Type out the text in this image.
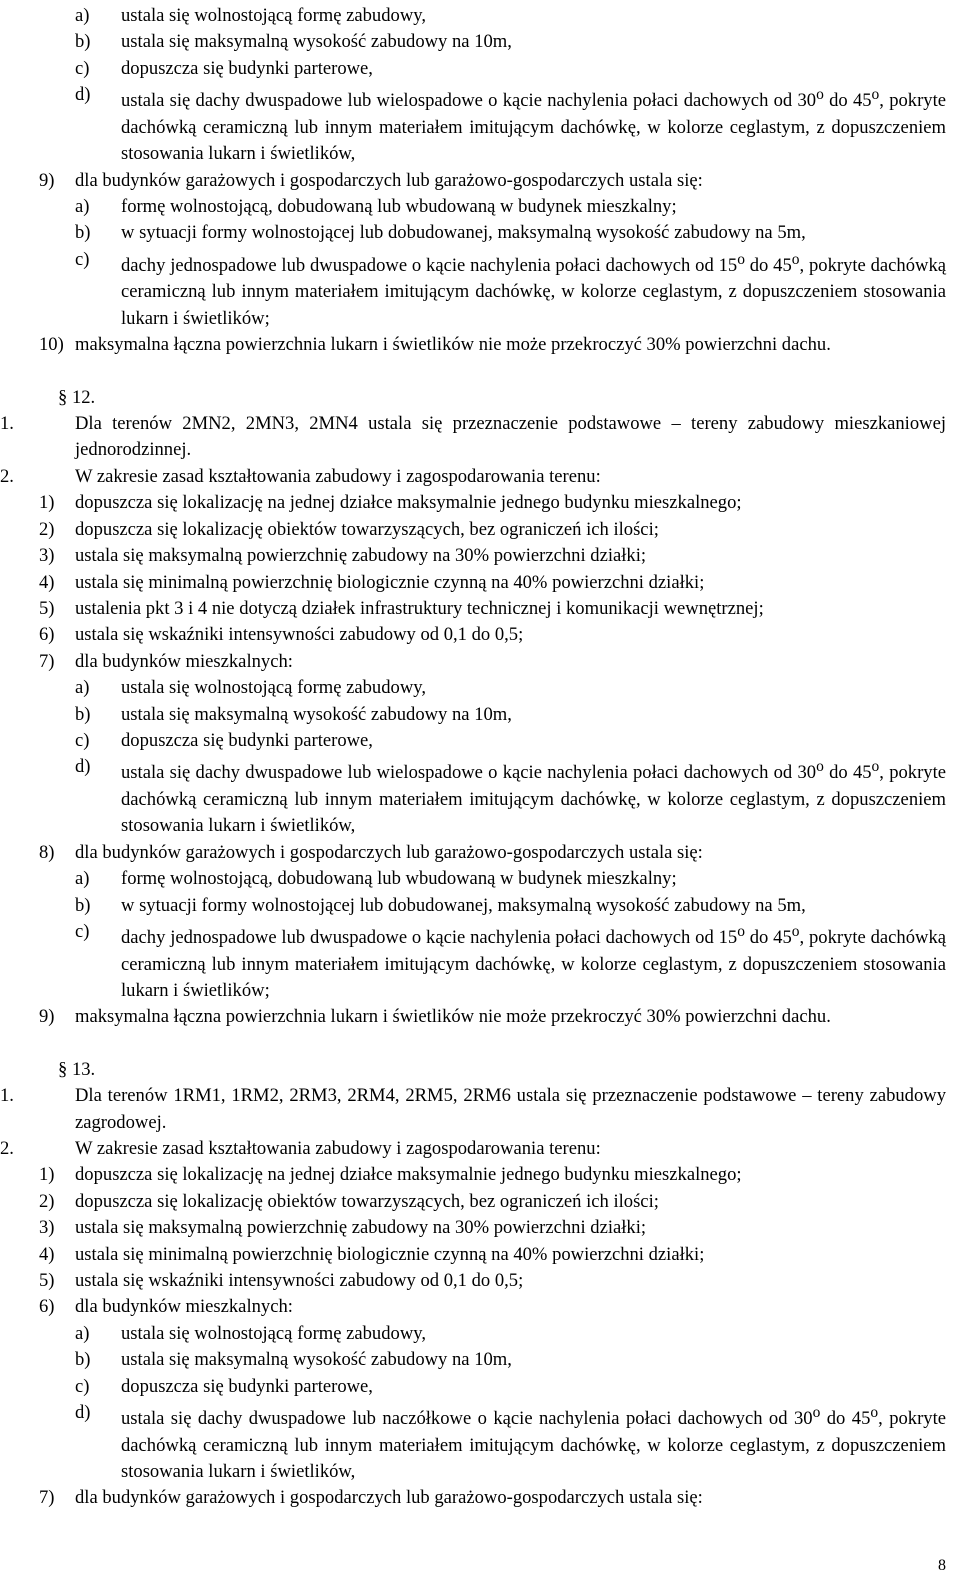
a) ustala się wolnostojącą formę zabudowy,
b) ustala się maksymalną wysokość zabudowy na 10m,
c) dopuszcza się budynki parterowe,
d) ustala się dachy dwuspadowe lub wielospadowe o kącie nachylenia połaci dachowych od 30$^o$ do 45$^o$, pokryte dachówką ceramiczną lub innym materiałem imitującym dachówkę, w kolorze ceglastym, z dopuszczeniem stosowania lukarn i świetlików,
9) dla budynków garażowych i gospodarczych lub garażowo-gospodarczych ustala się:
a) formę wolnostojącą, dobudowaną lub wbudowaną w budynek mieszkalny;
b) w sytuacji formy wolnostojącej lub dobudowanej, maksymalną wysokość zabudowy na 5m,
c) dachy jednospadowe lub dwuspadowe o kącie nachylenia połaci dachowych od 15$^o$ do 45$^o$, pokryte dachówką ceramiczną lub innym materiałem imitującym dachówkę, w kolorze ceglastym, z dopuszczeniem stosowania lukarn i świetlików;
10) maksymalna łączna powierzchnia lukarn i świetlików nie może przekroczyć 30% powierzchni dachu.
§ 12.
1.	Dla terenów 2MN2, 2MN3, 2MN4 ustala się przeznaczenie podstawowe – tereny zabudowy mieszkaniowej jednorodzinnej.
2.	W zakresie zasad kształtowania zabudowy i zagospodarowania terenu:
1) dopuszcza się lokalizację na jednej działce maksymalnie jednego budynku mieszkalnego;
2) dopuszcza się lokalizację obiektów towarzyszących, bez ograniczeń ich ilości;
3) ustala się maksymalną powierzchnię zabudowy na 30% powierzchni działki;
4) ustala się minimalną powierzchnię biologicznie czynną na 40% powierzchni działki;
5) ustalenia pkt 3 i 4 nie dotyczą działek infrastruktury technicznej i komunikacji wewnętrznej;
6) ustala się wskaźniki intensywności zabudowy od 0,1 do 0,5;
7) dla budynków mieszkalnych:
a) ustala się wolnostojącą formę zabudowy,
b) ustala się maksymalną wysokość zabudowy na 10m,
c) dopuszcza się budynki parterowe,
d) ustala się dachy dwuspadowe lub wielospadowe o kącie nachylenia połaci dachowych od 30$^o$ do 45$^o$, pokryte dachówką ceramiczną lub innym materiałem imitującym dachówkę, w kolorze ceglastym, z dopuszczeniem stosowania lukarn i świetlików,
8) dla budynków garażowych i gospodarczych lub garażowo-gospodarczych ustala się:
a) formę wolnostojącą, dobudowaną lub wbudowaną w budynek mieszkalny;
b) w sytuacji formy wolnostojącej lub dobudowanej, maksymalną wysokość zabudowy na 5m,
c) dachy jednospadowe lub dwuspadowe o kącie nachylenia połaci dachowych od 15$^o$ do 45$^o$, pokryte dachówką ceramiczną lub innym materiałem imitującym dachówkę, w kolorze ceglastym, z dopuszczeniem stosowania lukarn i świetlików;
9) maksymalna łączna powierzchnia lukarn i świetlików nie może przekroczyć 30% powierzchni dachu.
§ 13.
1.	Dla terenów 1RM1, 1RM2, 2RM3, 2RM4, 2RM5, 2RM6 ustala się przeznaczenie podstawowe – tereny zabudowy zagrodowej.
2.	W zakresie zasad kształtowania zabudowy i zagospodarowania terenu:
1) dopuszcza się lokalizację na jednej działce maksymalnie jednego budynku mieszkalnego;
2) dopuszcza się lokalizację obiektów towarzyszących, bez ograniczeń ich ilości;
3) ustala się maksymalną powierzchnię zabudowy na 30% powierzchni działki;
4) ustala się minimalną powierzchnię biologicznie czynną na 40% powierzchni działki;
5) ustala się wskaźniki intensywności zabudowy od 0,1 do 0,5;
6) dla budynków mieszkalnych:
a) ustala się wolnostojącą formę zabudowy,
b) ustala się maksymalną wysokość zabudowy na 10m,
c) dopuszcza się budynki parterowe,
d) ustala się dachy dwuspadowe lub naczółkowe o kącie nachylenia połaci dachowych od 30$^o$ do 45$^o$, pokryte dachówką ceramiczną lub innym materiałem imitującym dachówkę, w kolorze ceglastym, z dopuszczeniem stosowania lukarn i świetlików,
7) dla budynków garażowych i gospodarczych lub garażowo-gospodarczych ustala się:
8
